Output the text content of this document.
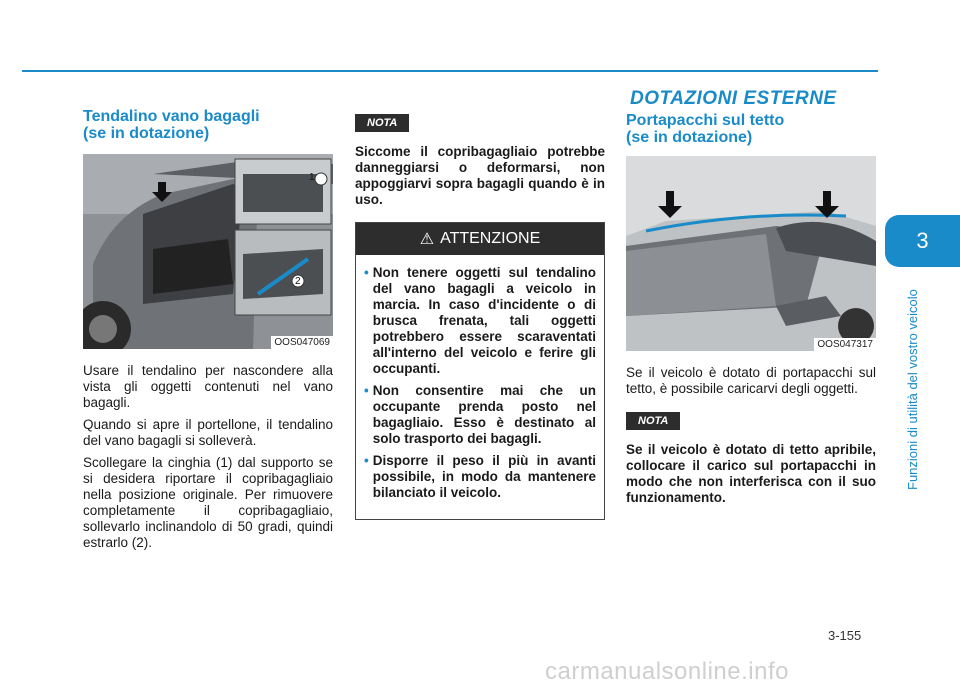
DOTAZIONI ESTERNE
3
Funzioni di utilità del vostro veicolo
Tendalino vano bagagli
(se in dotazione)
1
2
OOS047069

Usare il tendalino per nascondere alla vista gli oggetti contenuti nel vano bagagli.

Quando si apre il portellone, il tendalino del vano bagagli si solleverà.

Scollegare la cinghia (1) dal supporto se si desidera riportare il copribagagliaio nella posizione originale. Per rimuovere completamente il copribagagliaio, sollevarlo inclinandolo di 50 gradi, quindi estrarlo (2).

NOTA

Siccome il copribagagliaio potrebbe danneggiarsi o deformarsi, non appoggiarvi sopra bagagli quando è in uso.

⚠ ATTENZIONE
• Non tenere oggetti sul tendalino del vano bagagli a veicolo in marcia. In caso d'incidente o di brusca frenata, tali oggetti potrebbero essere scaraventati all'interno del veicolo e ferire gli occupanti.
• Non consentire mai che un occupante prenda posto nel bagagliaio. Esso è destinato al solo trasporto dei bagagli.
• Disporre il peso il più in avanti possibile, in modo da mantenere bilanciato il veicolo.
Portapacchi sul tetto
(se in dotazione)
OOS047317

Se il veicolo è dotato di portapacchi sul tetto, è possibile caricarvi degli oggetti.

NOTA

Se il veicolo è dotato di tetto apribile, collocare il carico sul portapacchi in modo che non interferisca con il suo funzionamento.

3-155
carmanualsonline.info
